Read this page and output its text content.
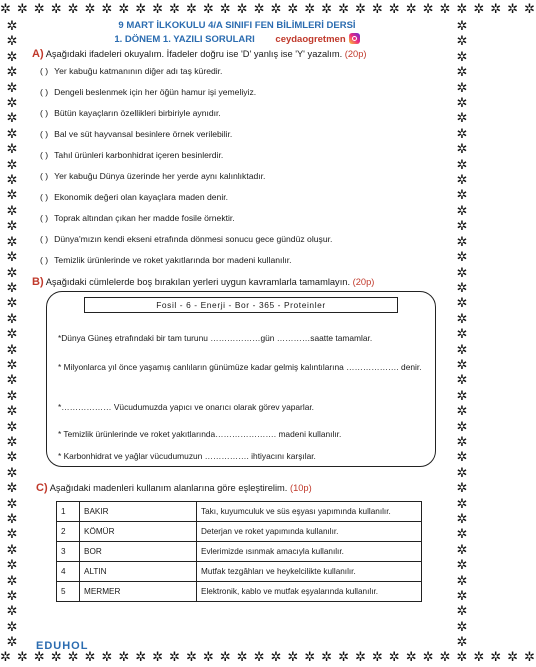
✲ ✲ ✲ ✲ ✲ ✲ ✲ ✲ ✲ ✲ ✲ ✲ ✲ ✲ ✲ ✲ ✲ ✲ ✲ ✲ ✲ ✲ ✲ ✲ ✲ ✲ ✲ ✲ ✲ ✲ ✲ ✲
✲ ✲ ✲ ✲ ✲ ✲ ✲ ✲ ✲ ✲ ✲ ✲ ✲ ✲ ✲ ✲ ✲ ✲ ✲ ✲ ✲ ✲ ✲ ✲ ✲ ✲ ✲ ✲ ✲ ✲ ✲ ✲
✲
✲
✲
✲
✲
✲
✲
✲
✲
✲
✲
✲
✲
✲
✲
✲
✲
✲
✲
✲
✲
✲
✲
✲
✲
✲
✲
✲
✲
✲
✲
✲
✲
✲
✲
✲
✲
✲
✲
✲
✲
✲
✲
✲
✲
✲
✲
✲
✲
✲
✲
✲
✲
✲
✲
✲
✲
✲
✲
✲
✲
✲
✲
✲
✲
✲
✲
✲
✲
✲
✲
✲
✲
✲
✲
✲
✲
✲
✲
✲
✲
✲
9 MART İLKOKULU 4/A SINIFI FEN BİLİMLERİ DERSİ
1. DÖNEM 1. YAZILI SORULARI ceydaogretmen
A) Aşağıdaki ifadeleri okuyalım. İfadeler doğru ise 'D' yanlış ise 'Y' yazalım. (20p)
( ) Yer kabuğu katmanının diğer adı taş küredir.
( ) Dengeli beslenmek için her öğün hamur işi yemeliyiz.
( ) Bütün kayaçların özellikleri birbiriyle aynıdır.
( ) Bal ve süt hayvansal besinlere örnek verilebilir.
( ) Tahıl ürünleri karbonhidrat içeren besinlerdir.
( ) Yer kabuğu Dünya üzerinde her yerde aynı kalınlıktadır.
( ) Ekonomik değeri olan kayaçlara maden denir.
( ) Toprak altından çıkan her madde fosile örnektir.
( ) Dünya'mızın kendi ekseni etrafında dönmesi sonucu gece gündüz oluşur.
( ) Temizlik ürünlerinde ve roket yakıtlarında bor madeni kullanılır.
B) Aşağıdaki cümlelerde boş bırakılan yerleri uygun kavramlarla tamamlayın. (20p)
Fosil - 6 - Enerji - Bor - 365 - Proteinler
*Dünya Güneş etrafındaki bir tam turunu ………………gün …………saatte tamamlar.
* Milyonlarca yıl önce yaşamış canlıların günümüze kadar gelmiş kalıntılarına ………………. denir.
*……………… Vücudumuzda yapıcı ve onarıcı olarak görev yaparlar.
* Temizlik ürünlerinde ve roket yakıtlarında…………………. madeni kullanılır.
* Karbonhidrat ve yağlar vücudumuzun ……………. ihtiyacını karşılar.
C) Aşağıdaki madenleri kullanım alanlarına göre eşleştirelim. (10p)
1	BAKIR	Takı, kuyumculuk ve süs eşyası yapımında kullanılır.
2	KÖMÜR	Deterjan ve roket yapımında kullanılır.
3	BOR	Evlerimizde ısınmak amacıyla kullanılır.
4	ALTIN	Mutfak tezgâhları ve heykelcilikte kullanılır.
5	MERMER	Elektronik, kablo ve mutfak eşyalarında kullanılır.
EDUHOL
